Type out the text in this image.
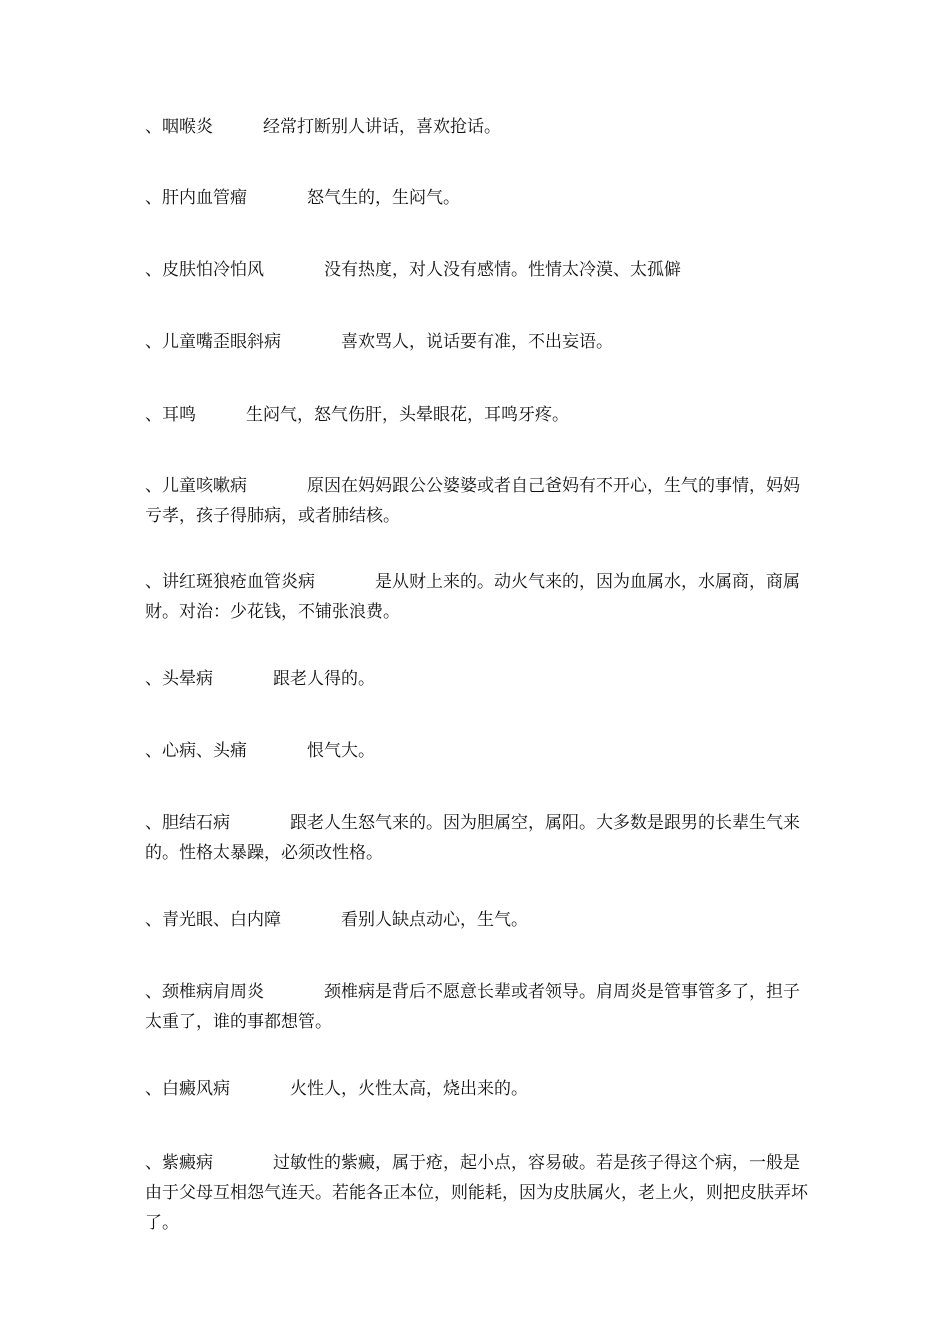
、咽喉炎	经常打断别人讲话，喜欢抢话。
、肝内血管瘤	怒气生的，生闷气。
、皮肤怕冷怕风	没有热度，对人没有感情。性情太冷漠、太孤僻
、儿童嘴歪眼斜病	喜欢骂人，说话要有准，不出妄语。
、耳鸣	生闷气，怒气伤肝，头晕眼花，耳鸣牙疼。
、儿童咳嗽病	原因在妈妈跟公公婆婆或者自己爸妈有不开心，生气的事情，妈妈亏孝，孩子得肺病，或者肺结核。
、讲红斑狼疮血管炎病	是从财上来的。动火气来的，因为血属水，水属商，商属财。对治：少花钱，不铺张浪费。
、头晕病	跟老人得的。
、心病、头痛	恨气大。
、胆结石病	跟老人生怒气来的。因为胆属空，属阳。大多数是跟男的长辈生气来的。性格太暴躁，必须改性格。
、青光眼、白内障	看别人缺点动心，生气。
、颈椎病肩周炎	颈椎病是背后不愿意长辈或者领导。肩周炎是管事管多了，担子太重了，谁的事都想管。
、白癜风病	火性人，火性太高，烧出来的。
、紫癜病	过敏性的紫癜，属于疮，起小点，容易破。若是孩子得这个病，一般是由于父母互相怨气连天。若能各正本位，则能耗，因为皮肤属火，老上火，则把皮肤弄坏了。
